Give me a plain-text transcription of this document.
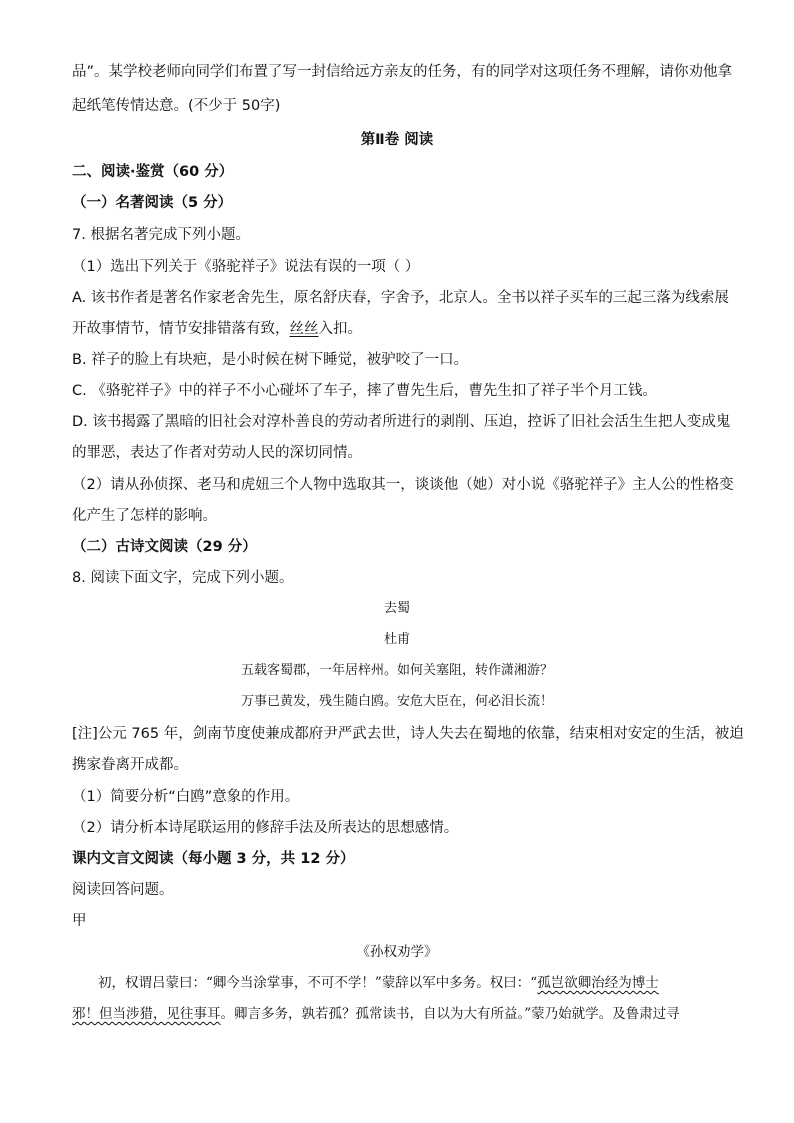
品”。某学校老师向同学们布置了写一封信给远方亲友的任务，有的同学对这项任务不理解，请你劝他拿
起纸笔传情达意。(不少于 50字)
第Ⅱ卷 阅读
二、阅读·鉴赏（60 分）
（一）名著阅读（5 分）
7. 根据名著完成下列小题。
（1）选出下列关于《骆驼祥子》说法有误的一项（ ）
A. 该书作者是著名作家老舍先生，原名舒庆春，字舍予，北京人。全书以祥子买车的三起三落为线索展
开故事情节，情节安排错落有致，丝丝入扣。
B. 祥子的脸上有块疤，是小时候在树下睡觉，被驴咬了一口。
C. 《骆驼祥子》中的祥子不小心碰坏了车子，摔了曹先生后，曹先生扣了祥子半个月工钱。
D. 该书揭露了黑暗的旧社会对淳朴善良的劳动者所进行的剥削、压迫，控诉了旧社会活生生把人变成鬼
的罪恶，表达了作者对劳动人民的深切同情。
（2）请从孙侦探、老马和虎妞三个人物中选取其一，谈谈他（她）对小说《骆驼祥子》主人公的性格变
化产生了怎样的影响。
（二）古诗文阅读（29 分）
8. 阅读下面文字，完成下列小题。
去蜀
杜甫
五载客蜀郡，一年居梓州。如何关塞阻，转作潇湘游？
万事已黄发，残生随白鸥。安危大臣在，何必泪长流！
[注]公元 765 年，剑南节度使兼成都府尹严武去世，诗人失去在蜀地的依靠，结束相对安定的生活，被迫
携家眷离开成都。
（1）简要分析“白鸥”意象的作用。
（2）请分析本诗尾联运用的修辞手法及所表达的思想感情。
课内文言文阅读（每小题 3 分，共 12 分）
阅读回答问题。
甲
《孙权劝学》
初，权谓吕蒙曰：“卿今当涂掌事，不可不学！”蒙辞以军中多务。权曰：“孤岂欲卿治经为博士
邪！但当涉猎，见往事耳。卿言多务，孰若孤？孤常读书，自以为大有所益。”蒙乃始就学。及鲁肃过寻
